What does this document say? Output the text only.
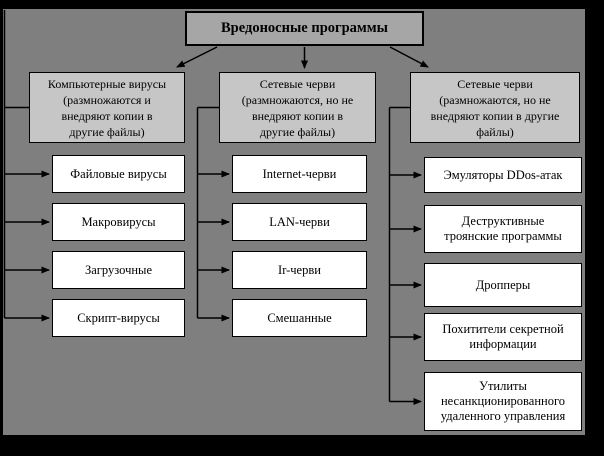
Вредоносные программы
Компьютерные вирусы
(размножаются и
внедряют копии в
другие файлы)
Сетевые черви
(размножаются, но не
внедряют копии в
другие файлы)
Сетевые черви
(размножаются, но не
внедряют копии в другие
файлы)
Файловые вирусы
Макровирусы
Загрузочные
Скрипт-вирусы
Internet-черви
LAN-черви
Ir-черви
Смешанные
Эмуляторы DDos-атак
Деструктивные
троянские программы
Дропперы
Похитители секретной
информации
Утилиты
несанкционированного
удаленного управления
